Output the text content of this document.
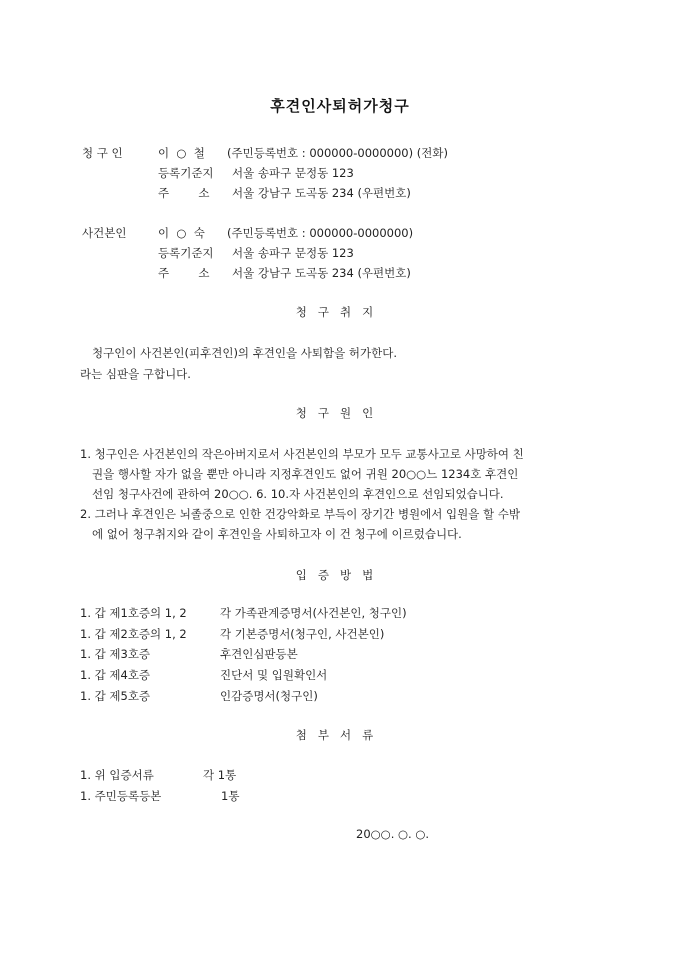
후견인사퇴허가청구
청 구 인	이  ○  철 (주민등록번호 : 000000-0000000) (전화)
등록기준지 서울 송파구 문정동 123
주        소 서울 강남구 도곡동 234 (우편번호)
사건본인	이  ○  숙 (주민등록번호 : 000000-0000000)
등록기준지 서울 송파구 문정동 123
주        소 서울 강남구 도곡동 234 (우편번호)
청구취지
청구인이 사건본인(피후견인)의 후견인을 사퇴함을 허가한다.
라는 심판을 구합니다.
청구원인
1. 청구인은 사건본인의 작은아버지로서 사건본인의 부모가 모두 교통사고로 사망하여 친
권을 행사할 자가 없을 뿐만 아니라 지정후견인도 없어 귀원 20○○느 1234호 후견인
선임 청구사건에 관하여 20○○. 6. 10.자 사건본인의 후견인으로 선임되었습니다.
2. 그러나 후견인은 뇌졸중으로 인한 건강악화로 부득이 장기간 병원에서 입원을 할 수밖
에 없어 청구취지와 같이 후견인을 사퇴하고자 이 건 청구에 이르렀습니다.
입증방법
1. 갑 제1호증의 1, 2	각 가족관계증명서(사건본인, 청구인)
1. 갑 제2호증의 1, 2	각 기본증명서(청구인, 사건본인)
1. 갑 제3호증	후견인심판등본
1. 갑 제4호증	진단서 및 입원확인서
1. 갑 제5호증	인감증명서(청구인)
첨부서류
1. 위 입증서류	각 1통
1. 주민등록등본	1통
20○○. ○. ○.
